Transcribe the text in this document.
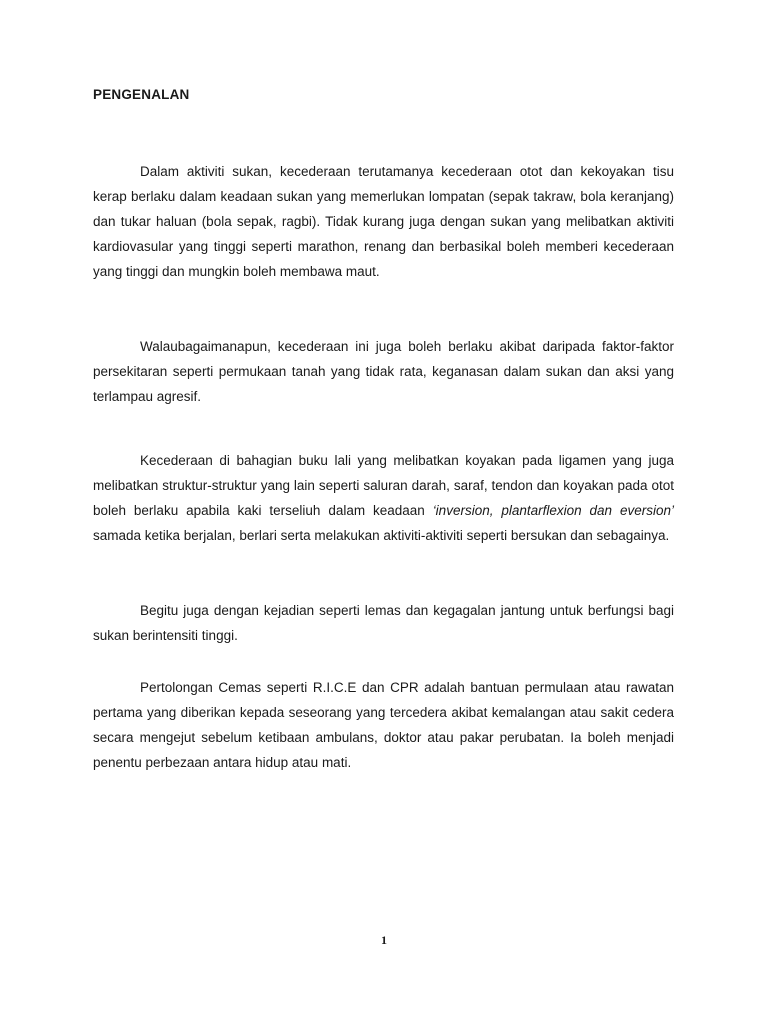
PENGENALAN

Dalam aktiviti sukan, kecederaan terutamanya kecederaan otot dan kekoyakan tisu kerap berlaku dalam keadaan sukan yang memerlukan lompatan (sepak takraw, bola keranjang) dan tukar haluan (bola sepak, ragbi). Tidak kurang juga dengan sukan yang melibatkan aktiviti kardiovasular yang tinggi seperti marathon, renang dan berbasikal boleh memberi kecederaan yang tinggi dan mungkin boleh membawa maut.

Walaubagaimanapun, kecederaan ini juga boleh berlaku akibat daripada faktor-faktor persekitaran seperti permukaan tanah yang tidak rata, keganasan dalam sukan dan aksi yang terlampau agresif.

Kecederaan di bahagian buku lali yang melibatkan koyakan pada ligamen yang juga melibatkan struktur-struktur yang lain seperti saluran darah, saraf, tendon dan koyakan pada otot boleh berlaku apabila kaki terseliuh dalam keadaan ‘inversion, plantarflexion dan eversion’ samada ketika berjalan, berlari serta melakukan aktiviti-aktiviti seperti bersukan dan sebagainya.

Begitu juga dengan kejadian seperti lemas dan kegagalan jantung untuk berfungsi bagi sukan berintensiti tinggi.

Pertolongan Cemas seperti R.I.C.E dan CPR adalah bantuan permulaan atau rawatan pertama yang diberikan kepada seseorang yang tercedera akibat kemalangan atau sakit cedera secara mengejut sebelum ketibaan ambulans, doktor atau pakar perubatan. Ia boleh menjadi penentu perbezaan antara hidup atau mati.

1
